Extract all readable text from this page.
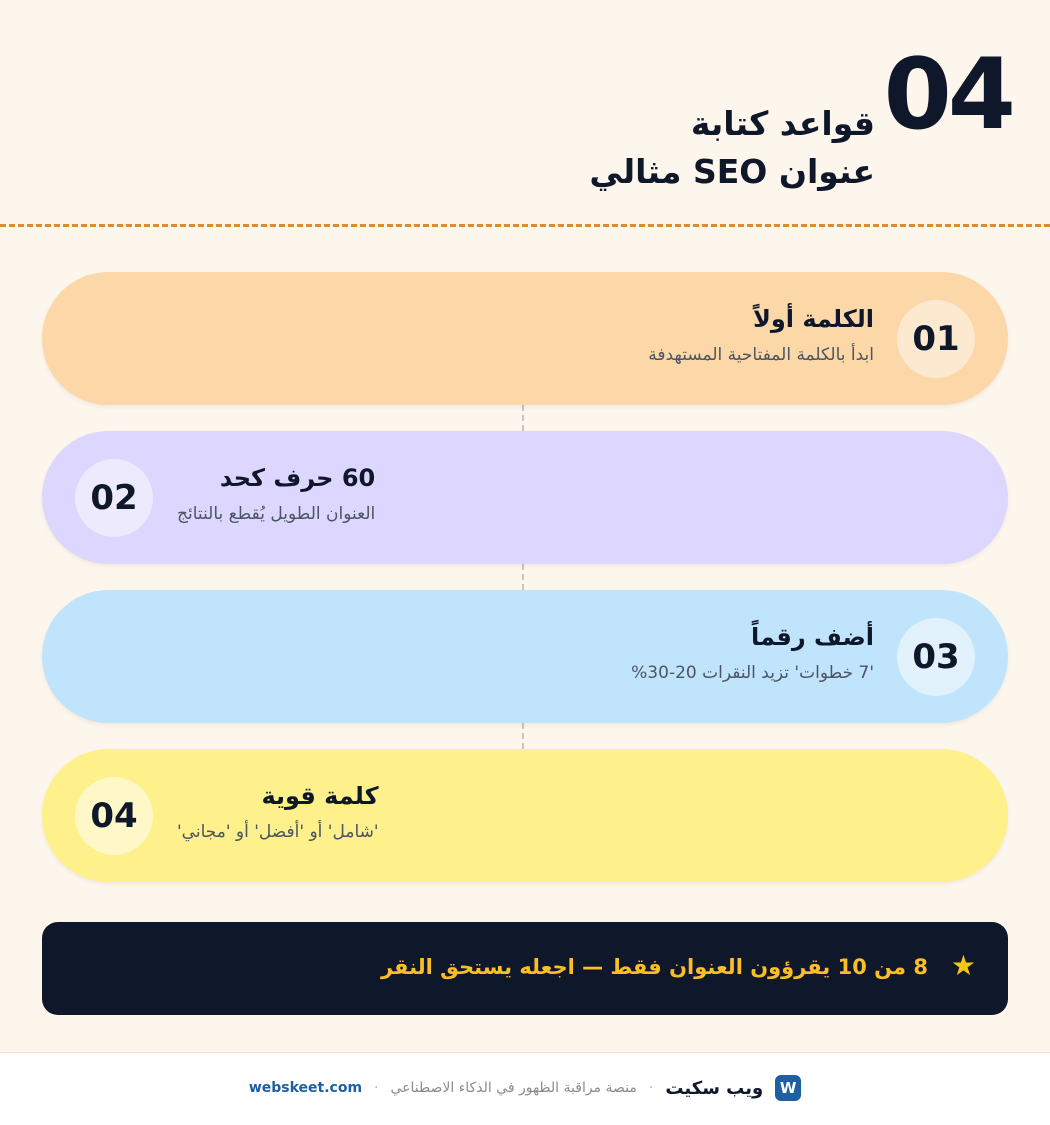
04
قواعد كتابة
عنوان SEO مثالي
01
الكلمة أولاً
ابدأ بالكلمة المفتاحية المستهدفة
02	60 حرف كحد
العنوان الطويل يُقطع بالنتائج
03
أضف رقماً
'7 خطوات' تزيد النقرات 20-30%
04	كلمة قوية
'شامل' أو 'أفضل' أو 'مجاني'
★
8 من 10 يقرؤون العنوان فقط — اجعله يستحق النقر
W
ويب سكيت
·
منصة مراقبة الظهور في الذكاء الاصطناعي
·
webskeet.com
